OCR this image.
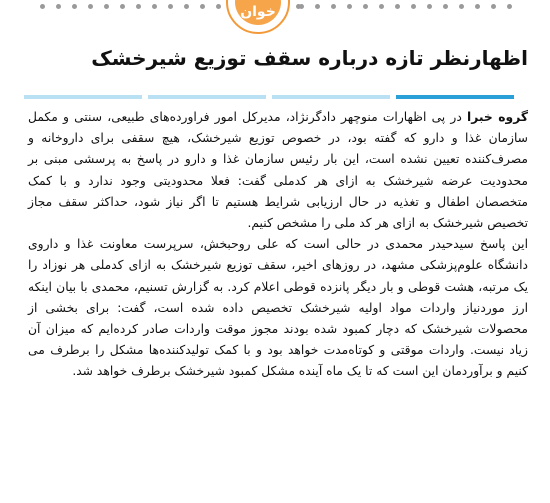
خوان
اظهارنظر تازه درباره سقف توزیع شیرخشک

گروه خبرا در پی اظهارات منوچهر دادگرنژاد، مدیرکل امور فراورده‌های طبیعی، سنتی و مکمل سازمان غذا و دارو که گفته بود، در خصوص توزیع شیرخشک، هیچ سقفی برای داروخانه و مصرف‌کننده تعیین نشده است، این بار رئیس سازمان غذا و دارو در پاسخ به پرسشی مبنی بر محدودیت عرضه شیرخشک به ازای هر کدملی گفت: فعلا محدودیتی وجود ندارد و با کمک متخصصان اطفال و تغذیه در حال ارزیابی شرایط هستیم تا اگر نیاز شود، حداکثر سقف مجاز تخصیص شیرخشک به ازای هر کد ملی را مشخص کنیم.

این پاسخ سیدحیدر محمدی در حالی است که علی روحبخش، سرپرست معاونت غذا و داروی دانشگاه علوم‌پزشکی مشهد، در روزهای اخیر، سقف توزیع شیرخشک به ازای کدملی هر نوزاد را یک مرتبه، هشت قوطی و بار دیگر پانزده قوطی اعلام کرد. به گزارش تسنیم، محمدی با بیان اینکه ارز موردنیاز واردات مواد اولیه شیرخشک تخصیص داده شده است، گفت: برای بخشی از محصولات شیرخشک که دچار کمبود شده بودند مجوز موقت واردات صادر کرده‌ایم که میزان آن زیاد نیست. واردات موقتی و کوتاه‌مدت خواهد بود و با کمک تولیدکننده‌ها مشکل را برطرف می کنیم و برآوردمان این است که تا یک ماه آینده مشکل کمبود شیرخشک برطرف خواهد شد.
